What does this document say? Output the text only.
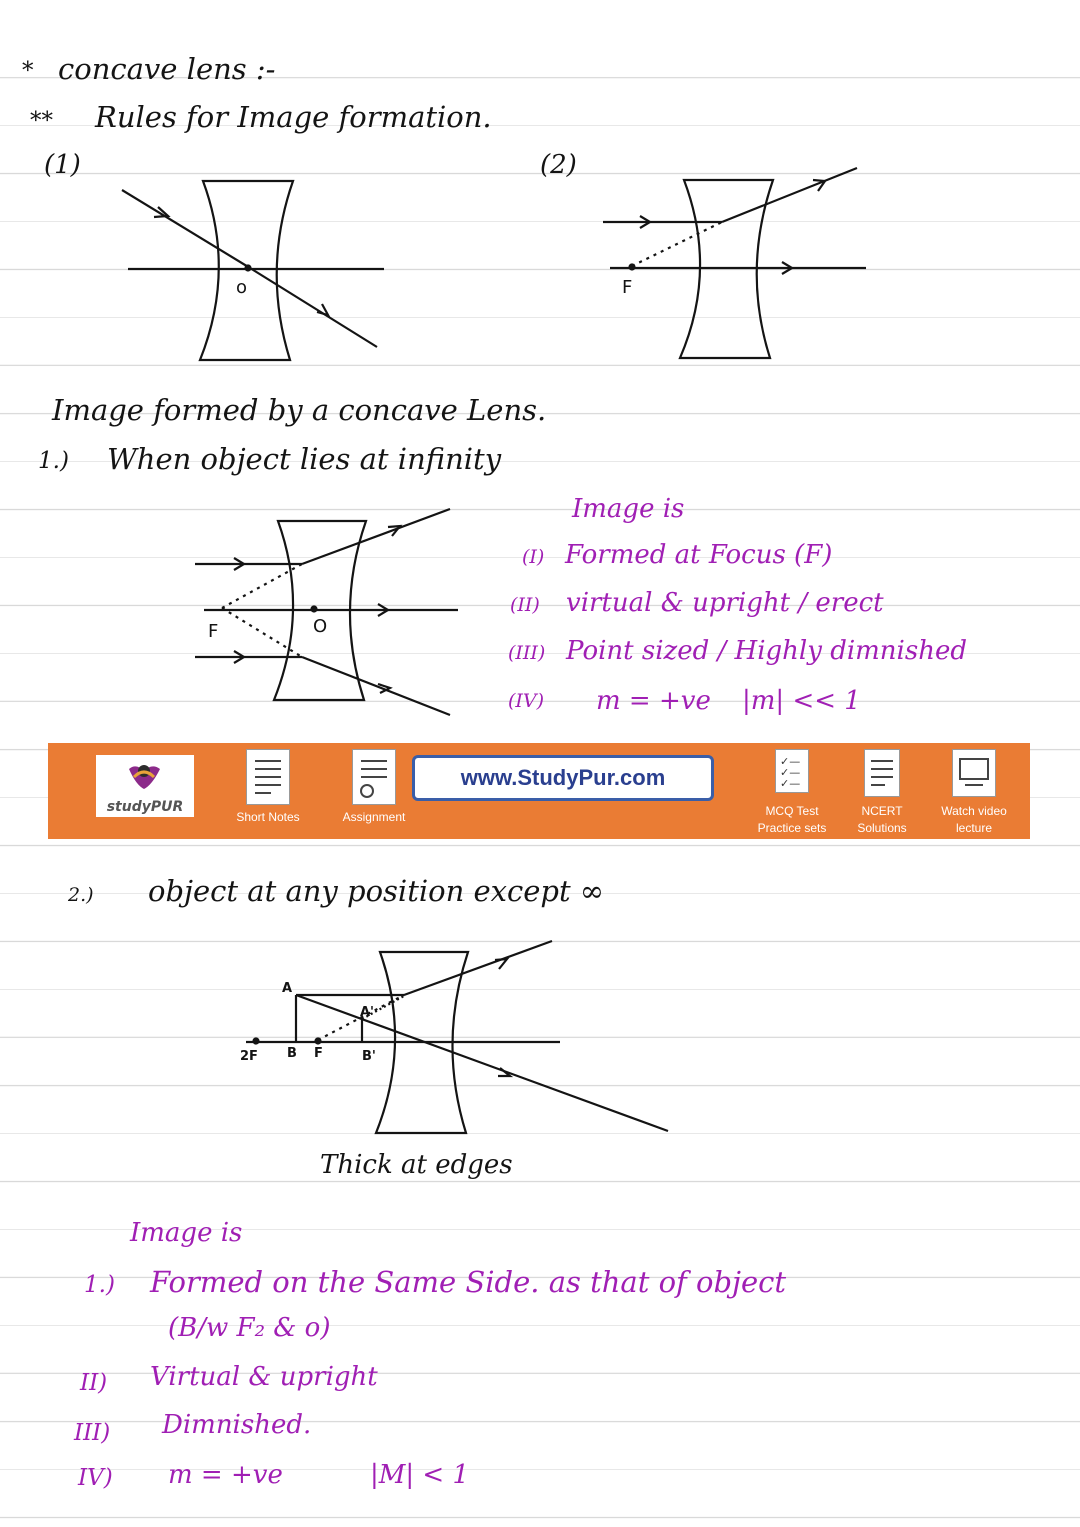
* concave lens :-
** Rules for Image formation.
(1)
o
(2)
F
Image formed by a concave Lens.
1.) When object lies at infinity
F	O
Image is
(I) Formed at Focus (F)
(II) virtual & upright / erect
(III) Point sized / Highly dimnished
(IV) m = +ve |m| << 1
studyPUR
Short Notes	Assignment
www.StudyPur.com
✓—
✓—
✓—
MCQ Test Practice sets
NCERT Solutions
Watch video lecture
2.) object at any position except ∞
A
A'
2F B F	B'
Thick at edges
Image is
1.) Formed on the Same Side. as that of object
(B/w F₂ & o)
II) Virtual & upright
III) Dimnished.
IV) m = +ve	|M| < 1
